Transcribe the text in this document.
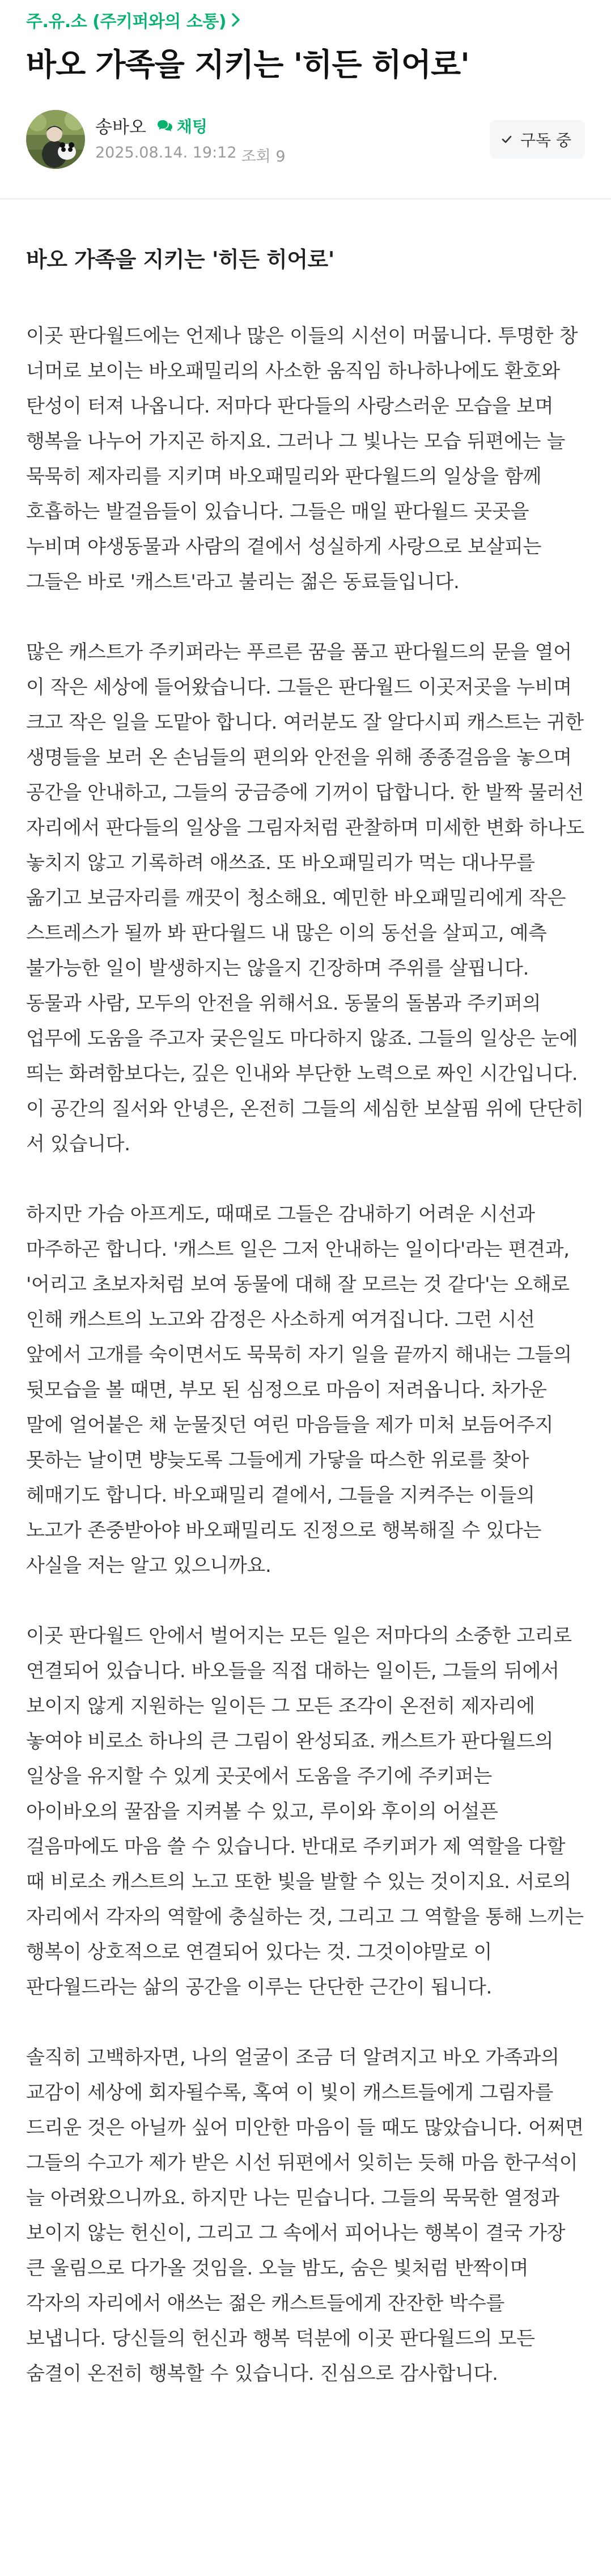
주.유.소 (주키퍼와의 소통)
바오 가족을 지키는 '히든 히어로'
송바오 채팅
2025.08.14. 19:12 조회 9
구독 중

바오 가족을 지키는 '히든 히어로'

이곳 판다월드에는 언제나 많은 이들의 시선이 머뭅니다. 투명한 창 너머로 보이는 바오패밀리의 사소한 움직임 하나하나에도 환호와 탄성이 터져 나옵니다. 저마다 판다들의 사랑스러운 모습을 보며 행복을 나누어 가지곤 하지요. 그러나 그 빛나는 모습 뒤편에는 늘 묵묵히 제자리를 지키며 바오패밀리와 판다월드의 일상을 함께 호흡하는 발걸음들이 있습니다. 그들은 매일 판다월드 곳곳을 누비며 야생동물과 사람의 곁에서 성실하게 사랑으로 보살피는 그들은 바로 '캐스트'라고 불리는 젊은 동료들입니다.

많은 캐스트가 주키퍼라는 푸르른 꿈을 품고 판다월드의 문을 열어 이 작은 세상에 들어왔습니다. 그들은 판다월드 이곳저곳을 누비며 크고 작은 일을 도맡아 합니다. 여러분도 잘 알다시피 캐스트는 귀한 생명들을 보러 온 손님들의 편의와 안전을 위해 종종걸음을 놓으며 공간을 안내하고, 그들의 궁금증에 기꺼이 답합니다. 한 발짝 물러선 자리에서 판다들의 일상을 그림자처럼 관찰하며 미세한 변화 하나도 놓치지 않고 기록하려 애쓰죠. 또 바오패밀리가 먹는 대나무를 옮기고 보금자리를 깨끗이 청소해요. 예민한 바오패밀리에게 작은 스트레스가 될까 봐 판다월드 내 많은 이의 동선을 살피고, 예측 불가능한 일이 발생하지는 않을지 긴장하며 주위를 살핍니다. 동물과 사람, 모두의 안전을 위해서요. 동물의 돌봄과 주키퍼의 업무에 도움을 주고자 궂은일도 마다하지 않죠. 그들의 일상은 눈에 띄는 화려함보다는, 깊은 인내와 부단한 노력으로 짜인 시간입니다. 이 공간의 질서와 안녕은, 온전히 그들의 세심한 보살핌 위에 단단히 서 있습니다.

하지만 가슴 아프게도, 때때로 그들은 감내하기 어려운 시선과 마주하곤 합니다. '캐스트 일은 그저 안내하는 일이다'라는 편견과, '어리고 초보자처럼 보여 동물에 대해 잘 모르는 것 같다'는 오해로 인해 캐스트의 노고와 감정은 사소하게 여겨집니다. 그런 시선 앞에서 고개를 숙이면서도 묵묵히 자기 일을 끝까지 해내는 그들의 뒷모습을 볼 때면, 부모 된 심정으로 마음이 저려옵니다. 차가운 말에 얼어붙은 채 눈물짓던 여린 마음들을 제가 미처 보듬어주지 못하는 날이면 뱡늦도록 그들에게 가닿을 따스한 위로를 찾아 헤매기도 합니다. 바오패밀리 곁에서, 그들을 지켜주는 이들의 노고가 존중받아야 바오패밀리도 진정으로 행복해질 수 있다는 사실을 저는 알고 있으니까요.

이곳 판다월드 안에서 벌어지는 모든 일은 저마다의 소중한 고리로 연결되어 있습니다. 바오들을 직접 대하는 일이든, 그들의 뒤에서 보이지 않게 지원하는 일이든 그 모든 조각이 온전히 제자리에 놓여야 비로소 하나의 큰 그림이 완성되죠. 캐스트가 판다월드의 일상을 유지할 수 있게 곳곳에서 도움을 주기에 주키퍼는 아이바오의 꿀잠을 지켜볼 수 있고, 루이와 후이의 어설픈 걸음마에도 마음 쓸 수 있습니다. 반대로 주키퍼가 제 역할을 다할 때 비로소 캐스트의 노고 또한 빛을 발할 수 있는 것이지요. 서로의 자리에서 각자의 역할에 충실하는 것, 그리고 그 역할을 통해 느끼는 행복이 상호적으로 연결되어 있다는 것. 그것이야말로 이 판다월드라는 삶의 공간을 이루는 단단한 근간이 됩니다.

솔직히 고백하자면, 나의 얼굴이 조금 더 알려지고 바오 가족과의 교감이 세상에 회자될수록, 혹여 이 빛이 캐스트들에게 그림자를 드리운 것은 아닐까 싶어 미안한 마음이 들 때도 많았습니다. 어쩌면 그들의 수고가 제가 받은 시선 뒤편에서 잊히는 듯해 마음 한구석이 늘 아려왔으니까요. 하지만 나는 믿습니다. 그들의 묵묵한 열정과 보이지 않는 헌신이, 그리고 그 속에서 피어나는 행복이 결국 가장 큰 울림으로 다가올 것임을. 오늘 밤도, 숨은 빛처럼 반짝이며 각자의 자리에서 애쓰는 젊은 캐스트들에게 잔잔한 박수를 보냅니다. 당신들의 헌신과 행복 덕분에 이곳 판다월드의 모든 숨결이 온전히 행복할 수 있습니다. 진심으로 감사합니다.
